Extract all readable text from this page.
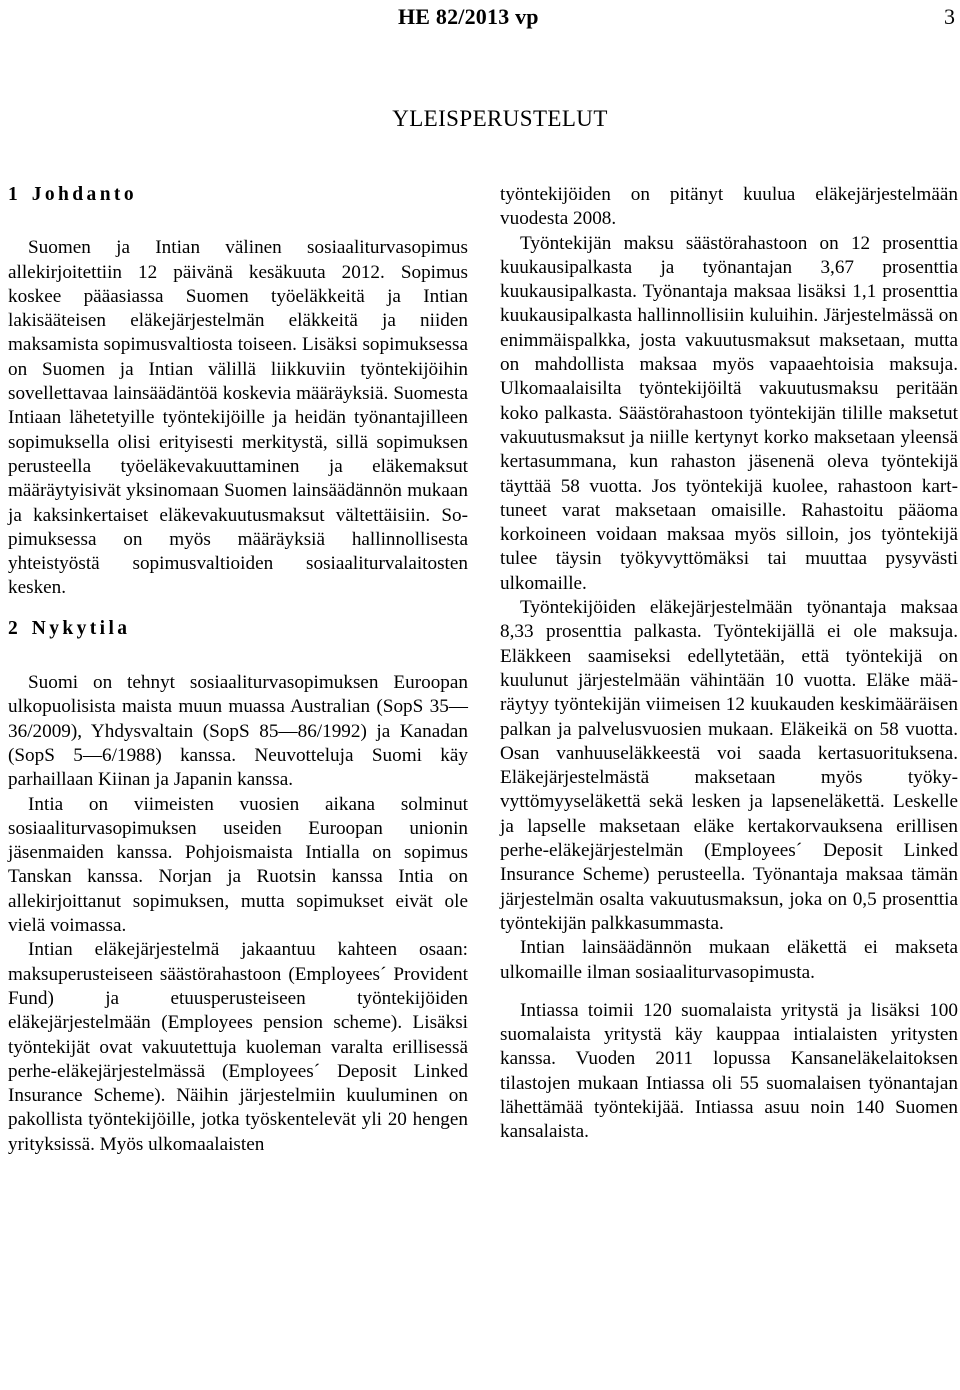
HE 82/2013 vp	3
YLEISPERUSTELUT
1 Johdanto

Suomen ja Intian välinen sosiaaliturvasopimus allekirjoitettiin 12 päivänä kesäkuuta 2012. Sopimus koskee pääasiassa Suomen työeläkkeitä ja Intian lakisääteisen eläkejärjestelmän eläkkeitä ja niiden maksamista sopimusvaltiosta toiseen. Lisäksi sopimuksessa on Suomen ja Intian välillä liikkuviin työntekijöihin sovellettavaa lainsäädäntöä koskevia määräyksiä. Suomesta Intiaan lähetetyille työntekijöille ja heidän työnantajilleen sopimuksella olisi erityisesti merkitystä, sillä sopimuksen perusteella työeläkevakuuttaminen ja eläkemaksut määräytyisivät yksinomaan Suomen lainsäädännön mukaan ja kaksinkertaiset eläkevakuutusmaksut vältettäisiin. Sopimuksessa on myös määräyksiä hallinnollisesta yhteistyöstä sopimusvaltioiden sosiaaliturvalaitosten kesken.

2 Nykytila

Suomi on tehnyt sosiaaliturvasopimuksen Euroopan ulkopuolisista maista muun muassa Australian (SopS 35—36/2009), Yhdysvaltain (SopS 85—86/1992) ja Kanadan (SopS 5—6/1988) kanssa. Neuvotteluja Suomi käy parhaillaan Kiinan ja Japanin kanssa.

Intia on viimeisten vuosien aikana solminut sosiaaliturvasopimuksen useiden Euroopan unionin jäsenmaiden kanssa. Pohjoismaista Intialla on sopimus Tanskan kanssa. Norjan ja Ruotsin kanssa Intia on allekirjoittanut sopimuksen, mutta sopimukset eivät ole vielä voimassa.

Intian eläkejärjestelmä jakaantuu kahteen osaan: maksuperusteiseen säästörahastoon (Employees´ Provident Fund) ja etuusperusteiseen työntekijöiden eläkejärjestelmään (Employees pension scheme). Lisäksi työntekijät ovat vakuutettuja kuoleman varalta erillisessä perhe-eläkejärjestelmässä (Employees´ Deposit Linked Insurance Scheme). Näihin järjestelmiin kuuluminen on pakollista työntekijöille, jotka työskentelevät yli 20 hengen yrityksissä. Myös ulkomaalaisten

työntekijöiden on pitänyt kuulua eläkejärjestelmään vuodesta 2008.

Työntekijän maksu säästörahastoon on 12 prosenttia kuukausipalkasta ja työnantajan 3,67 prosenttia kuukausipalkasta. Työnantaja maksaa lisäksi 1,1 prosenttia kuukausipalkasta hallinnollisiin kuluihin. Järjestelmässä on enimmäispalkka, josta vakuutusmaksut maksetaan, mutta on mahdollista maksaa myös vapaaehtoisia maksuja. Ulkomaalaisilta työntekijöiltä vakuutusmaksu peritään koko palkasta. Säästörahastoon työntekijän tilille maksetut vakuutusmaksut ja niille kertynyt korko maksetaan yleensä kertasummana, kun rahaston jäsenenä oleva työntekijä täyttää 58 vuotta. Jos työntekijä kuolee, rahastoon karttuneet varat maksetaan omaisille. Rahastoitu pääoma korkoineen voidaan maksaa myös silloin, jos työntekijä tulee täysin työkyvyttömäksi tai muuttaa pysyvästi ulkomaille.

Työntekijöiden eläkejärjestelmään työnantaja maksaa 8,33 prosenttia palkasta. Työntekijällä ei ole maksuja. Eläkkeen saamiseksi edellytetään, että työntekijä on kuulunut järjestelmään vähintään 10 vuotta. Eläke määräytyy työntekijän viimeisen 12 kuukauden keskimääräisen palkan ja palvelusvuosien mukaan. Eläkeikä on 58 vuotta. Osan vanhuuseläkkeestä voi saada kertasuorituksena. Eläkejärjestelmästä maksetaan myös työkyvyttömyyseläkettä sekä lesken ja lapseneläkettä. Leskelle ja lapselle maksetaan eläke kertakorvauksena erillisen perhe-eläkejärjestelmän (Employees´ Deposit Linked Insurance Scheme) perusteella. Työnantaja maksaa tämän järjestelmän osalta vakuutusmaksun, joka on 0,5 prosenttia työntekijän palkkasummasta.

Intian lainsäädännön mukaan eläkettä ei makseta ulkomaille ilman sosiaaliturvasopimusta.

Intiassa toimii 120 suomalaista yritystä ja lisäksi 100 suomalaista yritystä käy kauppaa intialaisten yritysten kanssa. Vuoden 2011 lopussa Kansaneläkelaitoksen tilastojen mukaan Intiassa oli 55 suomalaisen työnantajan lähettämää työntekijää. Intiassa asuu noin 140 Suomen kansalaista.
